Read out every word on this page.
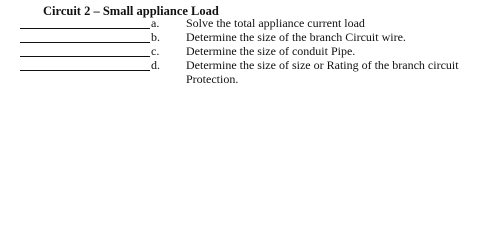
Circuit 2 – Small appliance Load
a. Solve the total appliance current load
b. Determine the size of the branch Circuit wire.
c. Determine the size of conduit Pipe.
d. Determine the size of size or Rating of the branch circuit
Protection.
